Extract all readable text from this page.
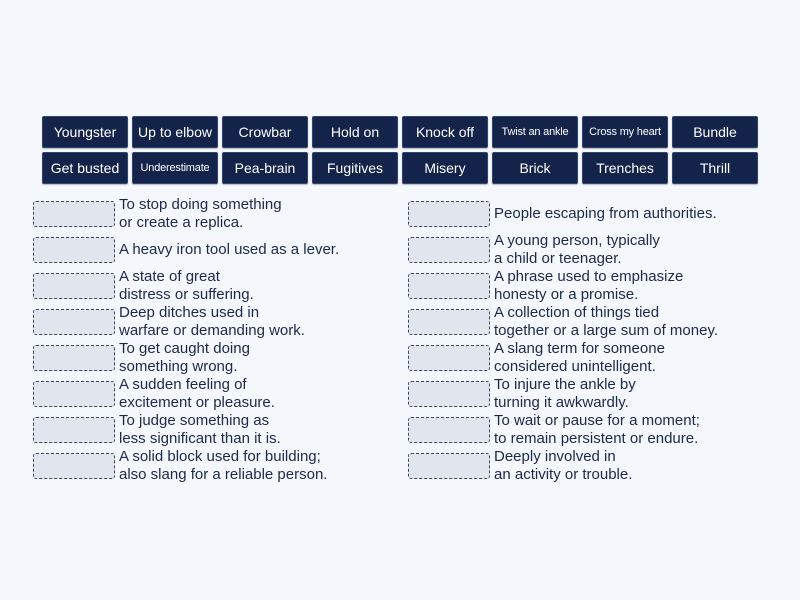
Youngster	Up to elbow	Crowbar	Hold on	Knock off	Twist an ankle	Cross my heart	Bundle
Get busted	Underestimate	Pea-brain	Fugitives	Misery	Brick	Trenches	Thrill
To stop doing something
or create a replica.
A heavy iron tool used as a lever.
A state of great
distress or suffering.
Deep ditches used in
warfare or demanding work.
To get caught doing
something wrong.
A sudden feeling of
excitement or pleasure.
To judge something as
less significant than it is.
A solid block used for building;
also slang for a reliable person.
People escaping from authorities.
A young person, typically
a child or teenager.
A phrase used to emphasize
honesty or a promise.
A collection of things tied
together or a large sum of money.
A slang term for someone
considered unintelligent.
To injure the ankle by
turning it awkwardly.
To wait or pause for a moment;
to remain persistent or endure.
Deeply involved in
an activity or trouble.
